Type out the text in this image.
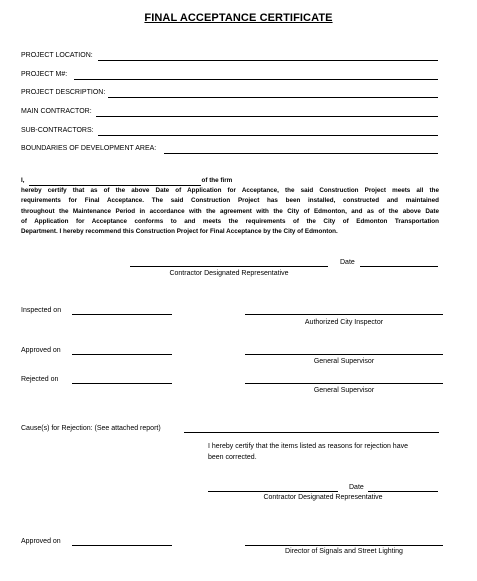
FINAL ACCEPTANCE CERTIFICATE
PROJECT LOCATION:
PROJECT M#:
PROJECT DESCRIPTION:
MAIN CONTRACTOR:
SUB-CONTRACTORS:
BOUNDARIES OF DEVELOPMENT AREA:

I,	of the firm

hereby certify that as of the above Date of Application for Acceptance, the said Construction Project meets all the

requirements for Final Acceptance. The said Construction Project has been installed, constructed and maintained

throughout the Maintenance Period in accordance with the agreement with the City of Edmonton, and as of the above Date

of Application for Acceptance conforms to and meets the requirements of the City of Edmonton Transportation

Department. I hereby recommend this Construction Project for Final Acceptance by the City of Edmonton.

Date
Contractor Designated Representative
Inspected on
Authorized City Inspector
Approved on
General Supervisor
Rejected on
General Supervisor
Cause(s) for Rejection: (See attached report)

I hereby certify that the items listed as reasons for rejection have

been corrected.

Date
Contractor Designated Representative
Approved on
Director of Signals and Street Lighting
